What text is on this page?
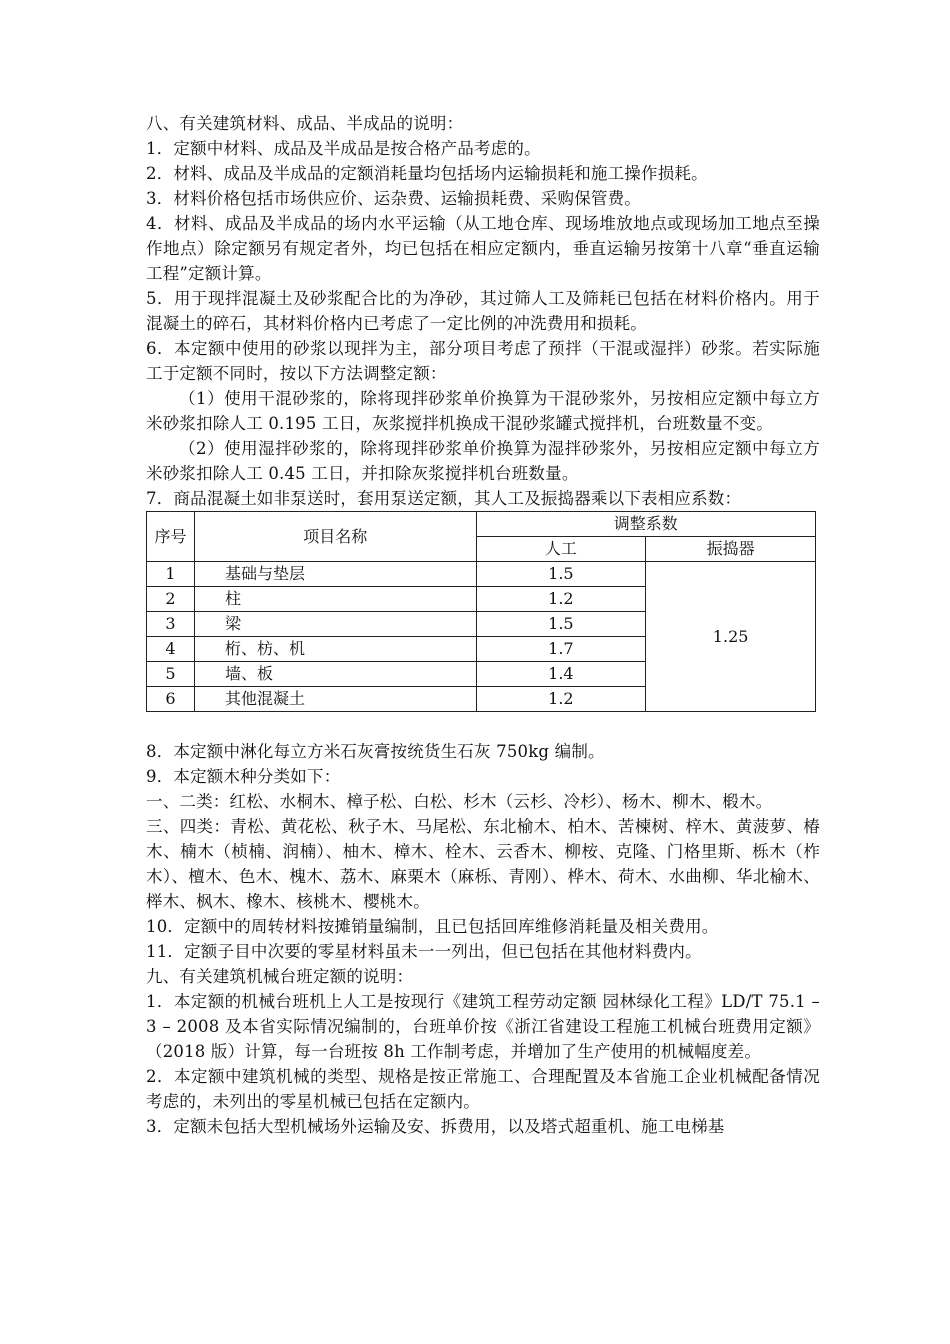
八、有关建筑材料、成品、半成品的说明：

1．定额中材料、成品及半成品是按合格产品考虑的。

2．材料、成品及半成品的定额消耗量均包括场内运输损耗和施工操作损耗。

3．材料价格包括市场供应价、运杂费、运输损耗费、采购保管费。

4．材料、成品及半成品的场内水平运输（从工地仓库、现场堆放地点或现场加工地点至操作地点）除定额另有规定者外，均已包括在相应定额内，垂直运输另按第十八章“垂直运输工程”定额计算。

5．用于现拌混凝土及砂浆配合比的为净砂，其过筛人工及筛耗已包括在材料价格内。用于混凝土的碎石，其材料价格内已考虑了一定比例的冲洗费用和损耗。

6．本定额中使用的砂浆以现拌为主，部分项目考虑了预拌（干混或湿拌）砂浆。若实际施工于定额不同时，按以下方法调整定额：

（1）使用干混砂浆的，除将现拌砂浆单价换算为干混砂浆外，另按相应定额中每立方米砂浆扣除人工 0.195 工日，灰浆搅拌机换成干混砂浆罐式搅拌机，台班数量不变。

（2）使用湿拌砂浆的，除将现拌砂浆单价换算为湿拌砂浆外，另按相应定额中每立方米砂浆扣除人工 0.45 工日，并扣除灰浆搅拌机台班数量。

7．商品混凝土如非泵送时，套用泵送定额，其人工及振捣器乘以下表相应系数：

序号	项目名称	调整系数	
		人工	振捣器
1	基础与垫层	1.5	1.25
2	柱	1.2	
3	梁	1.5	
4	桁、枋、机	1.7	
5	墙、板	1.4	
6	其他混凝土	1.2	

8．本定额中淋化每立方米石灰膏按统货生石灰 750kg 编制。

9．本定额木种分类如下：

一、二类：红松、水桐木、樟子松、白松、杉木（云杉、冷杉）、杨木、柳木、椴木。

三、四类：青松、黄花松、秋子木、马尾松、东北榆木、柏木、苦楝树、梓木、黄菠萝、椿木、楠木（桢楠、润楠）、柚木、樟木、栓木、云香木、柳桉、克隆、门格里斯、栎木（柞木）、檀木、色木、槐木、荔木、麻栗木（麻栎、青刚）、桦木、荷木、水曲柳、华北榆木、榉木、枫木、橡木、核桃木、樱桃木。

10．定额中的周转材料按摊销量编制，且已包括回库维修消耗量及相关费用。

11．定额子目中次要的零星材料虽未一一列出，但已包括在其他材料费内。

九、有关建筑机械台班定额的说明：

1．本定额的机械台班机上人工是按现行《建筑工程劳动定额 园林绿化工程》LD/T 75.1 – 3 – 2008 及本省实际情况编制的，台班单价按《浙江省建设工程施工机械台班费用定额》（2018 版）计算，每一台班按 8h 工作制考虑，并增加了生产使用的机械幅度差。

2．本定额中建筑机械的类型、规格是按正常施工、合理配置及本省施工企业机械配备情况考虑的，未列出的零星机械已包括在定额内。

3．定额未包括大型机械场外运输及安、拆费用，以及塔式超重机、施工电梯基
